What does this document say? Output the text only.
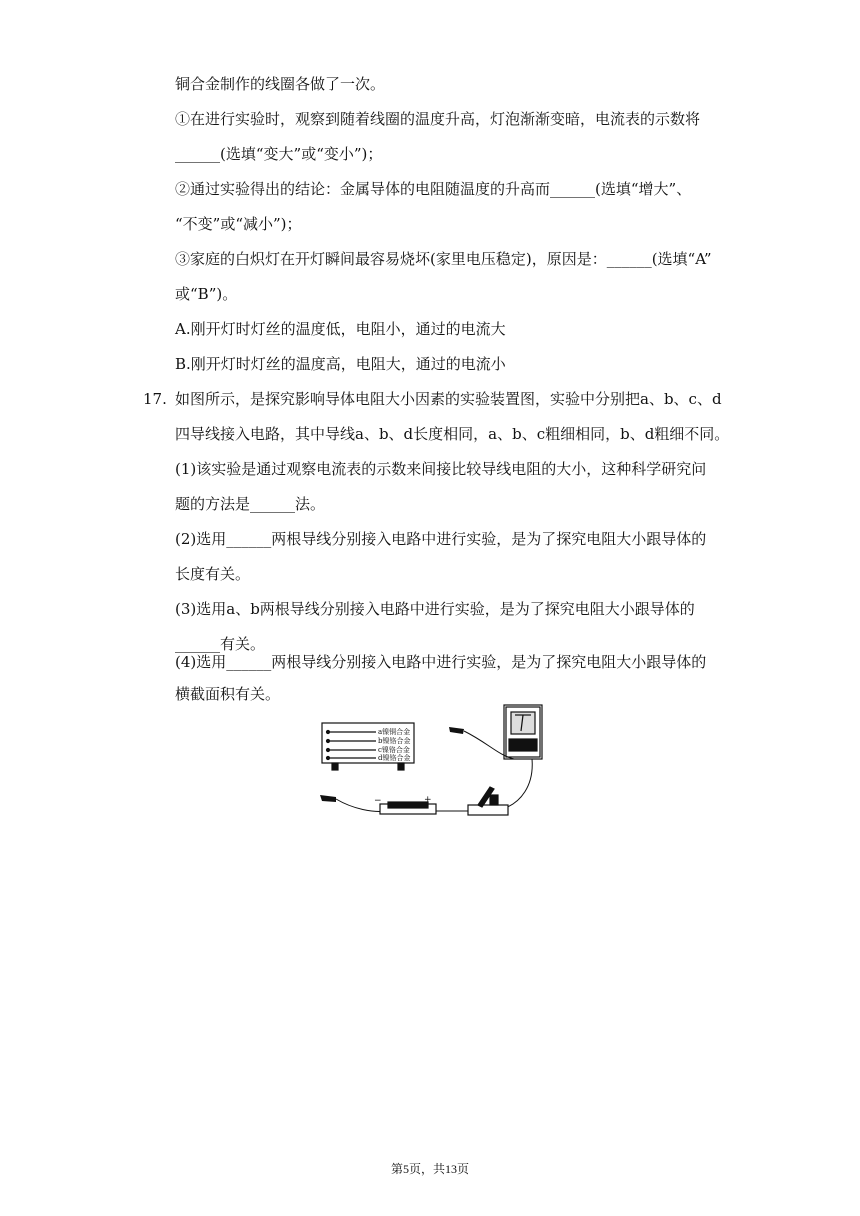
铜合金制作的线圈各做了一次。
①在进行实验时，观察到随着线圈的温度升高，灯泡渐渐变暗，电流表的示数将
______(选填“变大”或“变小”)；
②通过实验得出的结论：金属导体的电阻随温度的升高而______(选填“增大”、
“不变”或“减小”)；
③家庭的白炽灯在开灯瞬间最容易烧坏(家里电压稳定)，原因是：______(选填“A”
或“B”)。
A.刚开灯时灯丝的温度低，电阻小，通过的电流大
B.刚开灯时灯丝的温度高，电阻大，通过的电流小
17. 如图所示，是探究影响导体电阻大小因素的实验装置图，实验中分别把a、b、c、d
四导线接入电路，其中导线a、b、d长度相同，a、b、c粗细相同，b、d粗细不同。
(1)该实验是通过观察电流表的示数来间接比较导线电阻的大小，这种科学研究问
题的方法是______法。
(2)选用______两根导线分别接入电路中进行实验，是为了探究电阻大小跟导体的
长度有关。
(3)选用a、b两根导线分别接入电路中进行实验，是为了探究电阻大小跟导体的
______有关。
(4)选用______两根导线分别接入电路中进行实验，是为了探究电阻大小跟导体的
a镍铜合金
b镍铬合金
c镍铬合金
d镍铬合金
−	+
第5页，共13页
横截面积有关。
